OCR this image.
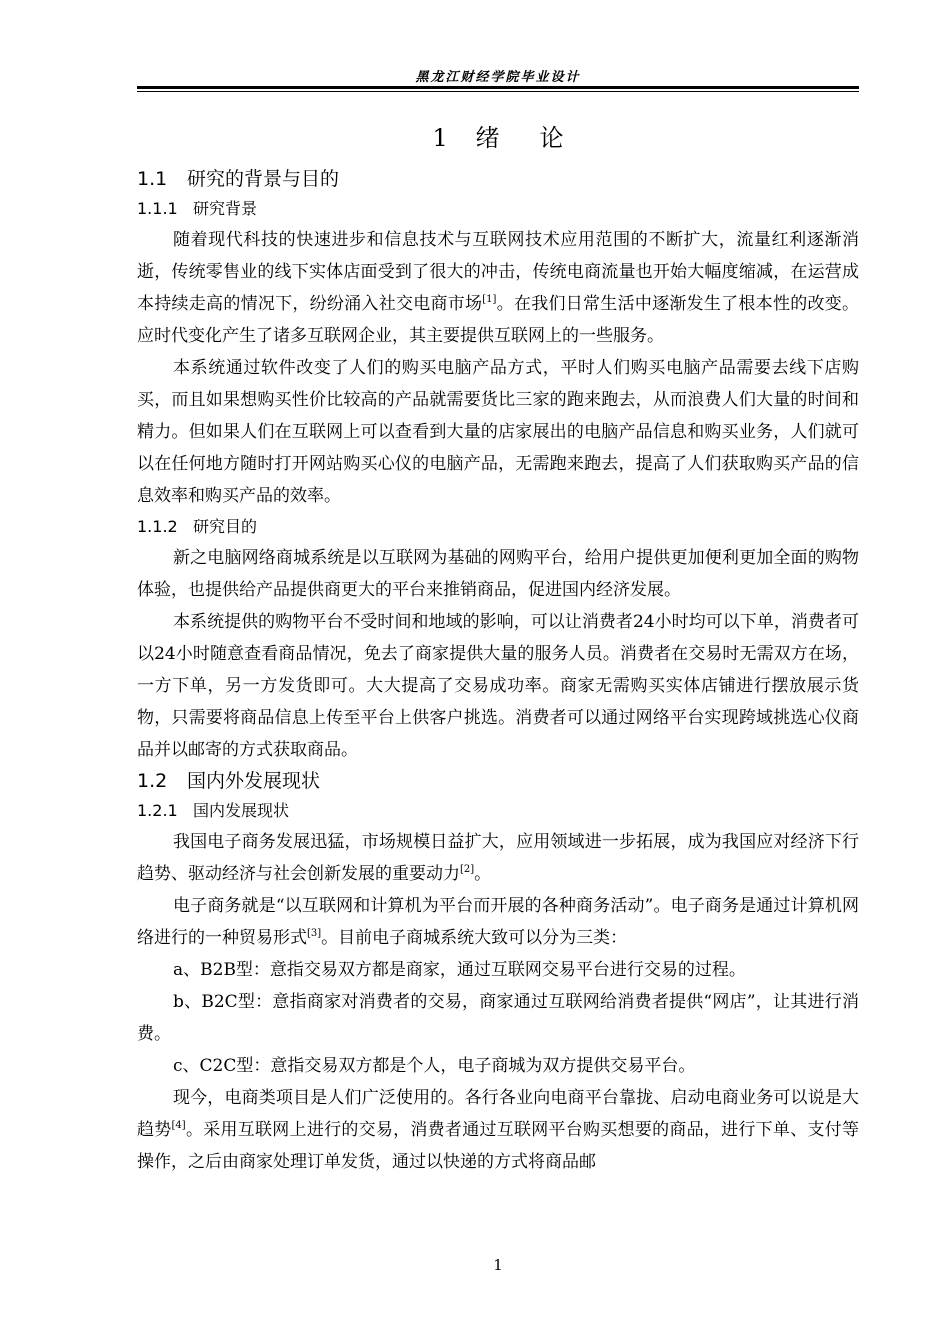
黑龙江财经学院毕业设计
1 绪论
1.1 研究的背景与目的
1.1.1 研究背景

随着现代科技的快速进步和信息技术与互联网技术应用范围的不断扩大，流量红利逐渐消逝，传统零售业的线下实体店面受到了很大的冲击，传统电商流量也开始大幅度缩减，在运营成本持续走高的情况下，纷纷涌入社交电商市场[1]。在我们日常生活中逐渐发生了根本性的改变。应时代变化产生了诸多互联网企业，其主要提供互联网上的一些服务。

本系统通过软件改变了人们的购买电脑产品方式，平时人们购买电脑产品需要去线下店购买，而且如果想购买性价比较高的产品就需要货比三家的跑来跑去，从而浪费人们大量的时间和精力。但如果人们在互联网上可以查看到大量的店家展出的电脑产品信息和购买业务，人们就可以在任何地方随时打开网站购买心仪的电脑产品，无需跑来跑去，提高了人们获取购买产品的信息效率和购买产品的效率。

1.1.2 研究目的

新之电脑网络商城系统是以互联网为基础的网购平台，给用户提供更加便利更加全面的购物体验，也提供给产品提供商更大的平台来推销商品，促进国内经济发展。

本系统提供的购物平台不受时间和地域的影响，可以让消费者24小时均可以下单，消费者可以24小时随意查看商品情况，免去了商家提供大量的服务人员。消费者在交易时无需双方在场，一方下单，另一方发货即可。大大提高了交易成功率。商家无需购买实体店铺进行摆放展示货物，只需要将商品信息上传至平台上供客户挑选。消费者可以通过网络平台实现跨域挑选心仪商品并以邮寄的方式获取商品。

1.2 国内外发展现状
1.2.1 国内发展现状

我国电子商务发展迅猛，市场规模日益扩大，应用领域进一步拓展，成为我国应对经济下行趋势、驱动经济与社会创新发展的重要动力[2]。

电子商务就是“以互联网和计算机为平台而开展的各种商务活动”。电子商务是通过计算机网络进行的一种贸易形式[3]。目前电子商城系统大致可以分为三类：

a、B2B型：意指交易双方都是商家，通过互联网交易平台进行交易的过程。

b、B2C型：意指商家对消费者的交易，商家通过互联网给消费者提供“网店”，让其进行消费。

c、C2C型：意指交易双方都是个人，电子商城为双方提供交易平台。

现今，电商类项目是人们广泛使用的。各行各业向电商平台靠拢、启动电商业务可以说是大趋势[4]。采用互联网上进行的交易，消费者通过互联网平台购买想要的商品，进行下单、支付等操作，之后由商家处理订单发货，通过以快递的方式将商品邮

1
